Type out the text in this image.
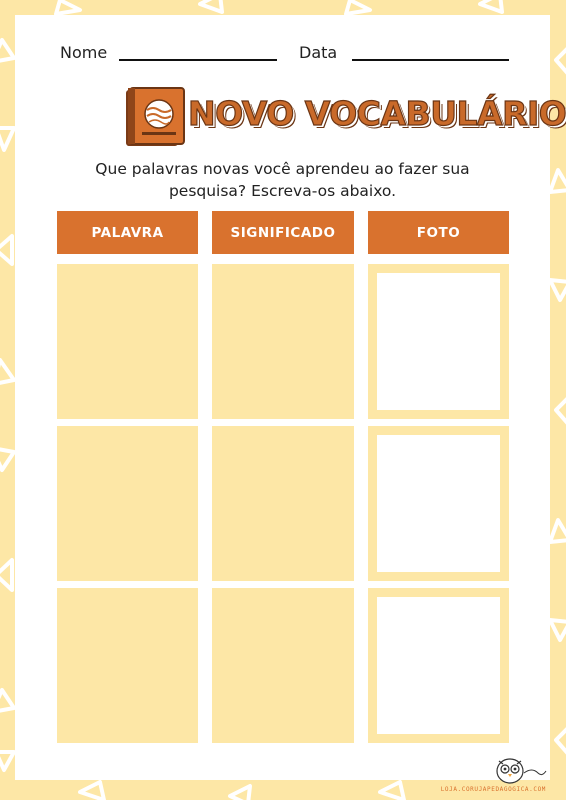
Nome	Data
NOVO VOCABULÁRIO
Que palavras novas você aprendeu ao fazer sua
pesquisa? Escreva-os abaixo.
PALAVRA	SIGNIFICADO	FOTO
LOJA.CORUJAPEDAGOGICA.COM
